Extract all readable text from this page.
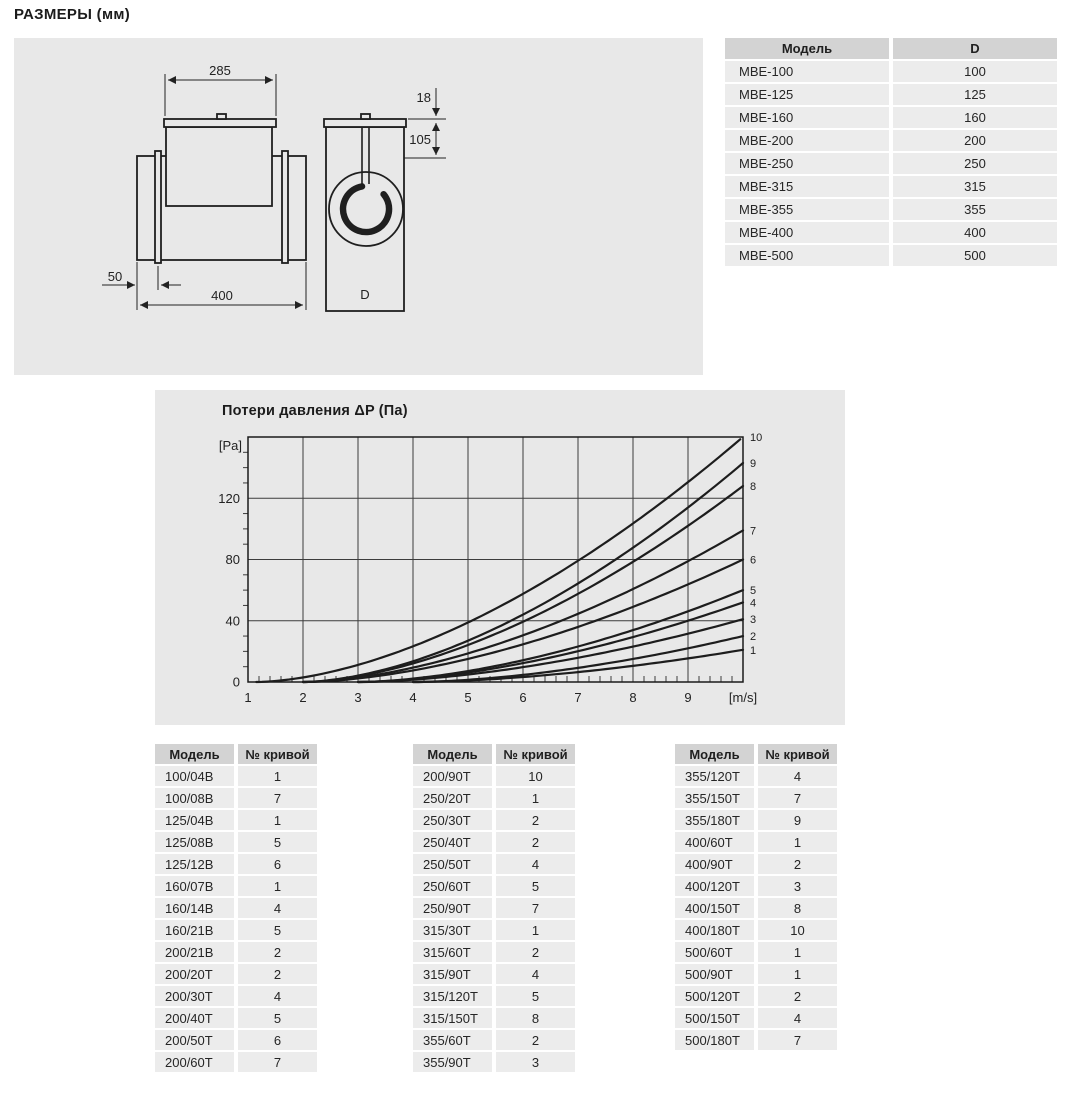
РАЗМЕРЫ (мм)
285
50
400
18
105
D
Модель	D
MBE-100	100
MBE-125	125
MBE-160	160
MBE-200	200
MBE-250	250
MBE-315	315
MBE-355	355
MBE-400	400
MBE-500	500
Потери давления ΔP (Па)
1
2
3
4
5
6
7
8
9
10
1	2	3	4	5	6	7	8	9	[m/s]
0
40
80
120
[Pa]
Модель	№ кривой
100/04B	1
100/08B	7
125/04B	1
125/08B	5
125/12B	6
160/07B	1
160/14B	4
160/21B	5
200/21B	2
200/20T	2
200/30T	4
200/40T	5
200/50T	6
200/60T	7
Модель	№ кривой
200/90T	10
250/20T	1
250/30T	2
250/40T	2
250/50T	4
250/60T	5
250/90T	7
315/30T	1
315/60T	2
315/90T	4
315/120T	5
315/150T	8
355/60T	2
355/90T	3
Модель	№ кривой
355/120T	4
355/150T	7
355/180T	9
400/60T	1
400/90T	2
400/120T	3
400/150T	8
400/180T	10
500/60T	1
500/90T	1
500/120T	2
500/150T	4
500/180T	7
